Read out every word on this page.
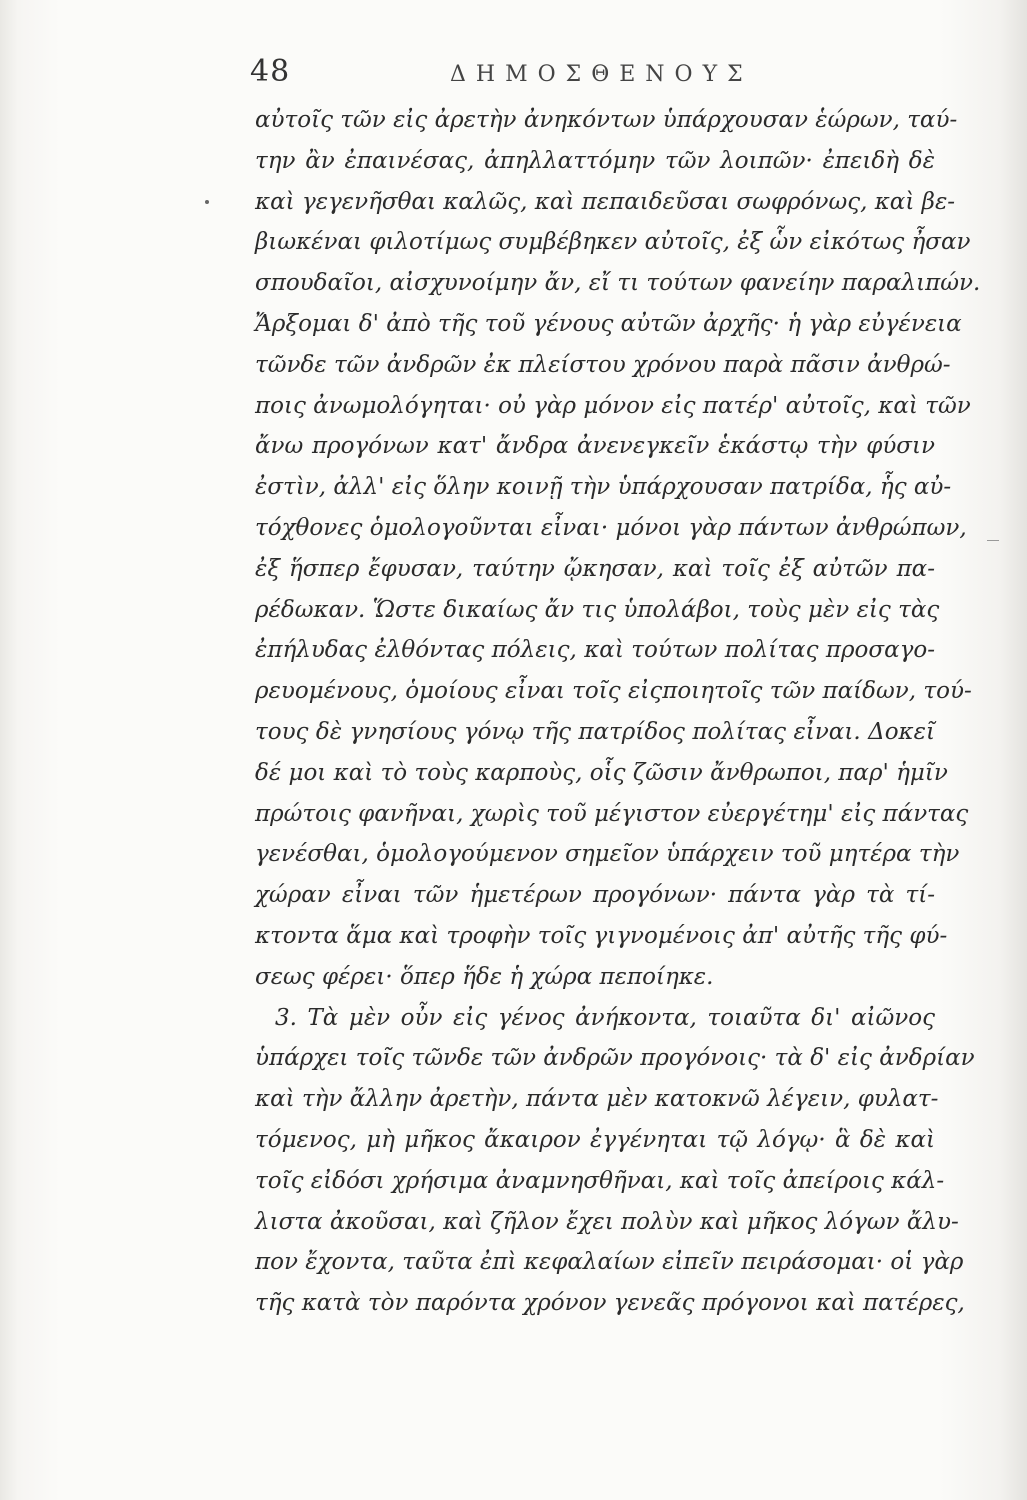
48	ΔΗΜΟΣΘΕΝΟΥΣ
αὐτοῖς τῶν εἰς ἀρετὴν ἀνηκόντων ὑπάρχουσαν ἑώρων, ταύ-
την ἂν ἐπαινέσας, ἀπηλλαττόμην τῶν λοιπῶν· ἐπειδὴ δὲ
καὶ γεγενῆσθαι καλῶς, καὶ πεπαιδεῦσαι σωφρόνως, καὶ βε-
βιωκέναι φιλοτίμως συμβέβηκεν αὐτοῖς, ἐξ ὧν εἰκότως ἦσαν
σπουδαῖοι, αἰσχυνοίμην ἄν, εἴ τι τούτων φανείην παραλιπών.
Ἄρξομαι δ' ἀπὸ τῆς τοῦ γένους αὐτῶν ἀρχῆς· ἡ γὰρ εὐγένεια
τῶνδε τῶν ἀνδρῶν ἐκ πλείστου χρόνου παρὰ πᾶσιν ἀνθρώ-
ποις ἀνωμολόγηται· οὐ γὰρ μόνον εἰς πατέρ' αὐτοῖς, καὶ τῶν
ἄνω προγόνων κατ' ἄνδρα ἀνενεγκεῖν ἑκάστῳ τὴν φύσιν
ἐστὶν, ἀλλ' εἰς ὅλην κοινῇ τὴν ὑπάρχουσαν πατρίδα, ἧς αὐ-
τόχθονες ὁμολογοῦνται εἶναι· μόνοι γὰρ πάντων ἀνθρώπων,
ἐξ ἥσπερ ἔφυσαν, ταύτην ᾤκησαν, καὶ τοῖς ἐξ αὐτῶν πα-
ρέδωκαν. Ὥστε δικαίως ἄν τις ὑπολάβοι, τοὺς μὲν εἰς τὰς
ἐπήλυδας ἐλθόντας πόλεις, καὶ τούτων πολίτας προσαγο-
ρευομένους, ὁμοίους εἶναι τοῖς εἰςποιητοῖς τῶν παίδων, τού-
τους δὲ γνησίους γόνῳ τῆς πατρίδος πολίτας εἶναι. Δοκεῖ
δέ μοι καὶ τὸ τοὺς καρποὺς, οἷς ζῶσιν ἄνθρωποι, παρ' ἡμῖν
πρώτοις φανῆναι, χωρὶς τοῦ μέγιστον εὐεργέτημ' εἰς πάντας
γενέσθαι, ὁμολογούμενον σημεῖον ὑπάρχειν τοῦ μητέρα τὴν
χώραν εἶναι τῶν ἡμετέρων προγόνων· πάντα γὰρ τὰ τί-
κτοντα ἅμα καὶ τροφὴν τοῖς γιγνομένοις ἀπ' αὐτῆς τῆς φύ-
σεως φέρει· ὅπερ ἥδε ἡ χώρα πεποίηκε.
3. Τὰ μὲν οὖν εἰς γένος ἀνήκοντα, τοιαῦτα δι' αἰῶνος
ὑπάρχει τοῖς τῶνδε τῶν ἀνδρῶν προγόνοις· τὰ δ' εἰς ἀνδρίαν
καὶ τὴν ἄλλην ἀρετὴν, πάντα μὲν κατοκνῶ λέγειν, φυλατ-
τόμενος, μὴ μῆκος ἄκαιρον ἐγγένηται τῷ λόγῳ· ἃ δὲ καὶ
τοῖς εἰδόσι χρήσιμα ἀναμνησθῆναι, καὶ τοῖς ἀπείροις κάλ-
λιστα ἀκοῦσαι, καὶ ζῆλον ἔχει πολὺν καὶ μῆκος λόγων ἄλυ-
πον ἔχοντα, ταῦτα ἐπὶ κεφαλαίων εἰπεῖν πειράσομαι· οἱ γὰρ
τῆς κατὰ τὸν παρόντα χρόνον γενεᾶς πρόγονοι καὶ πατέρες,
